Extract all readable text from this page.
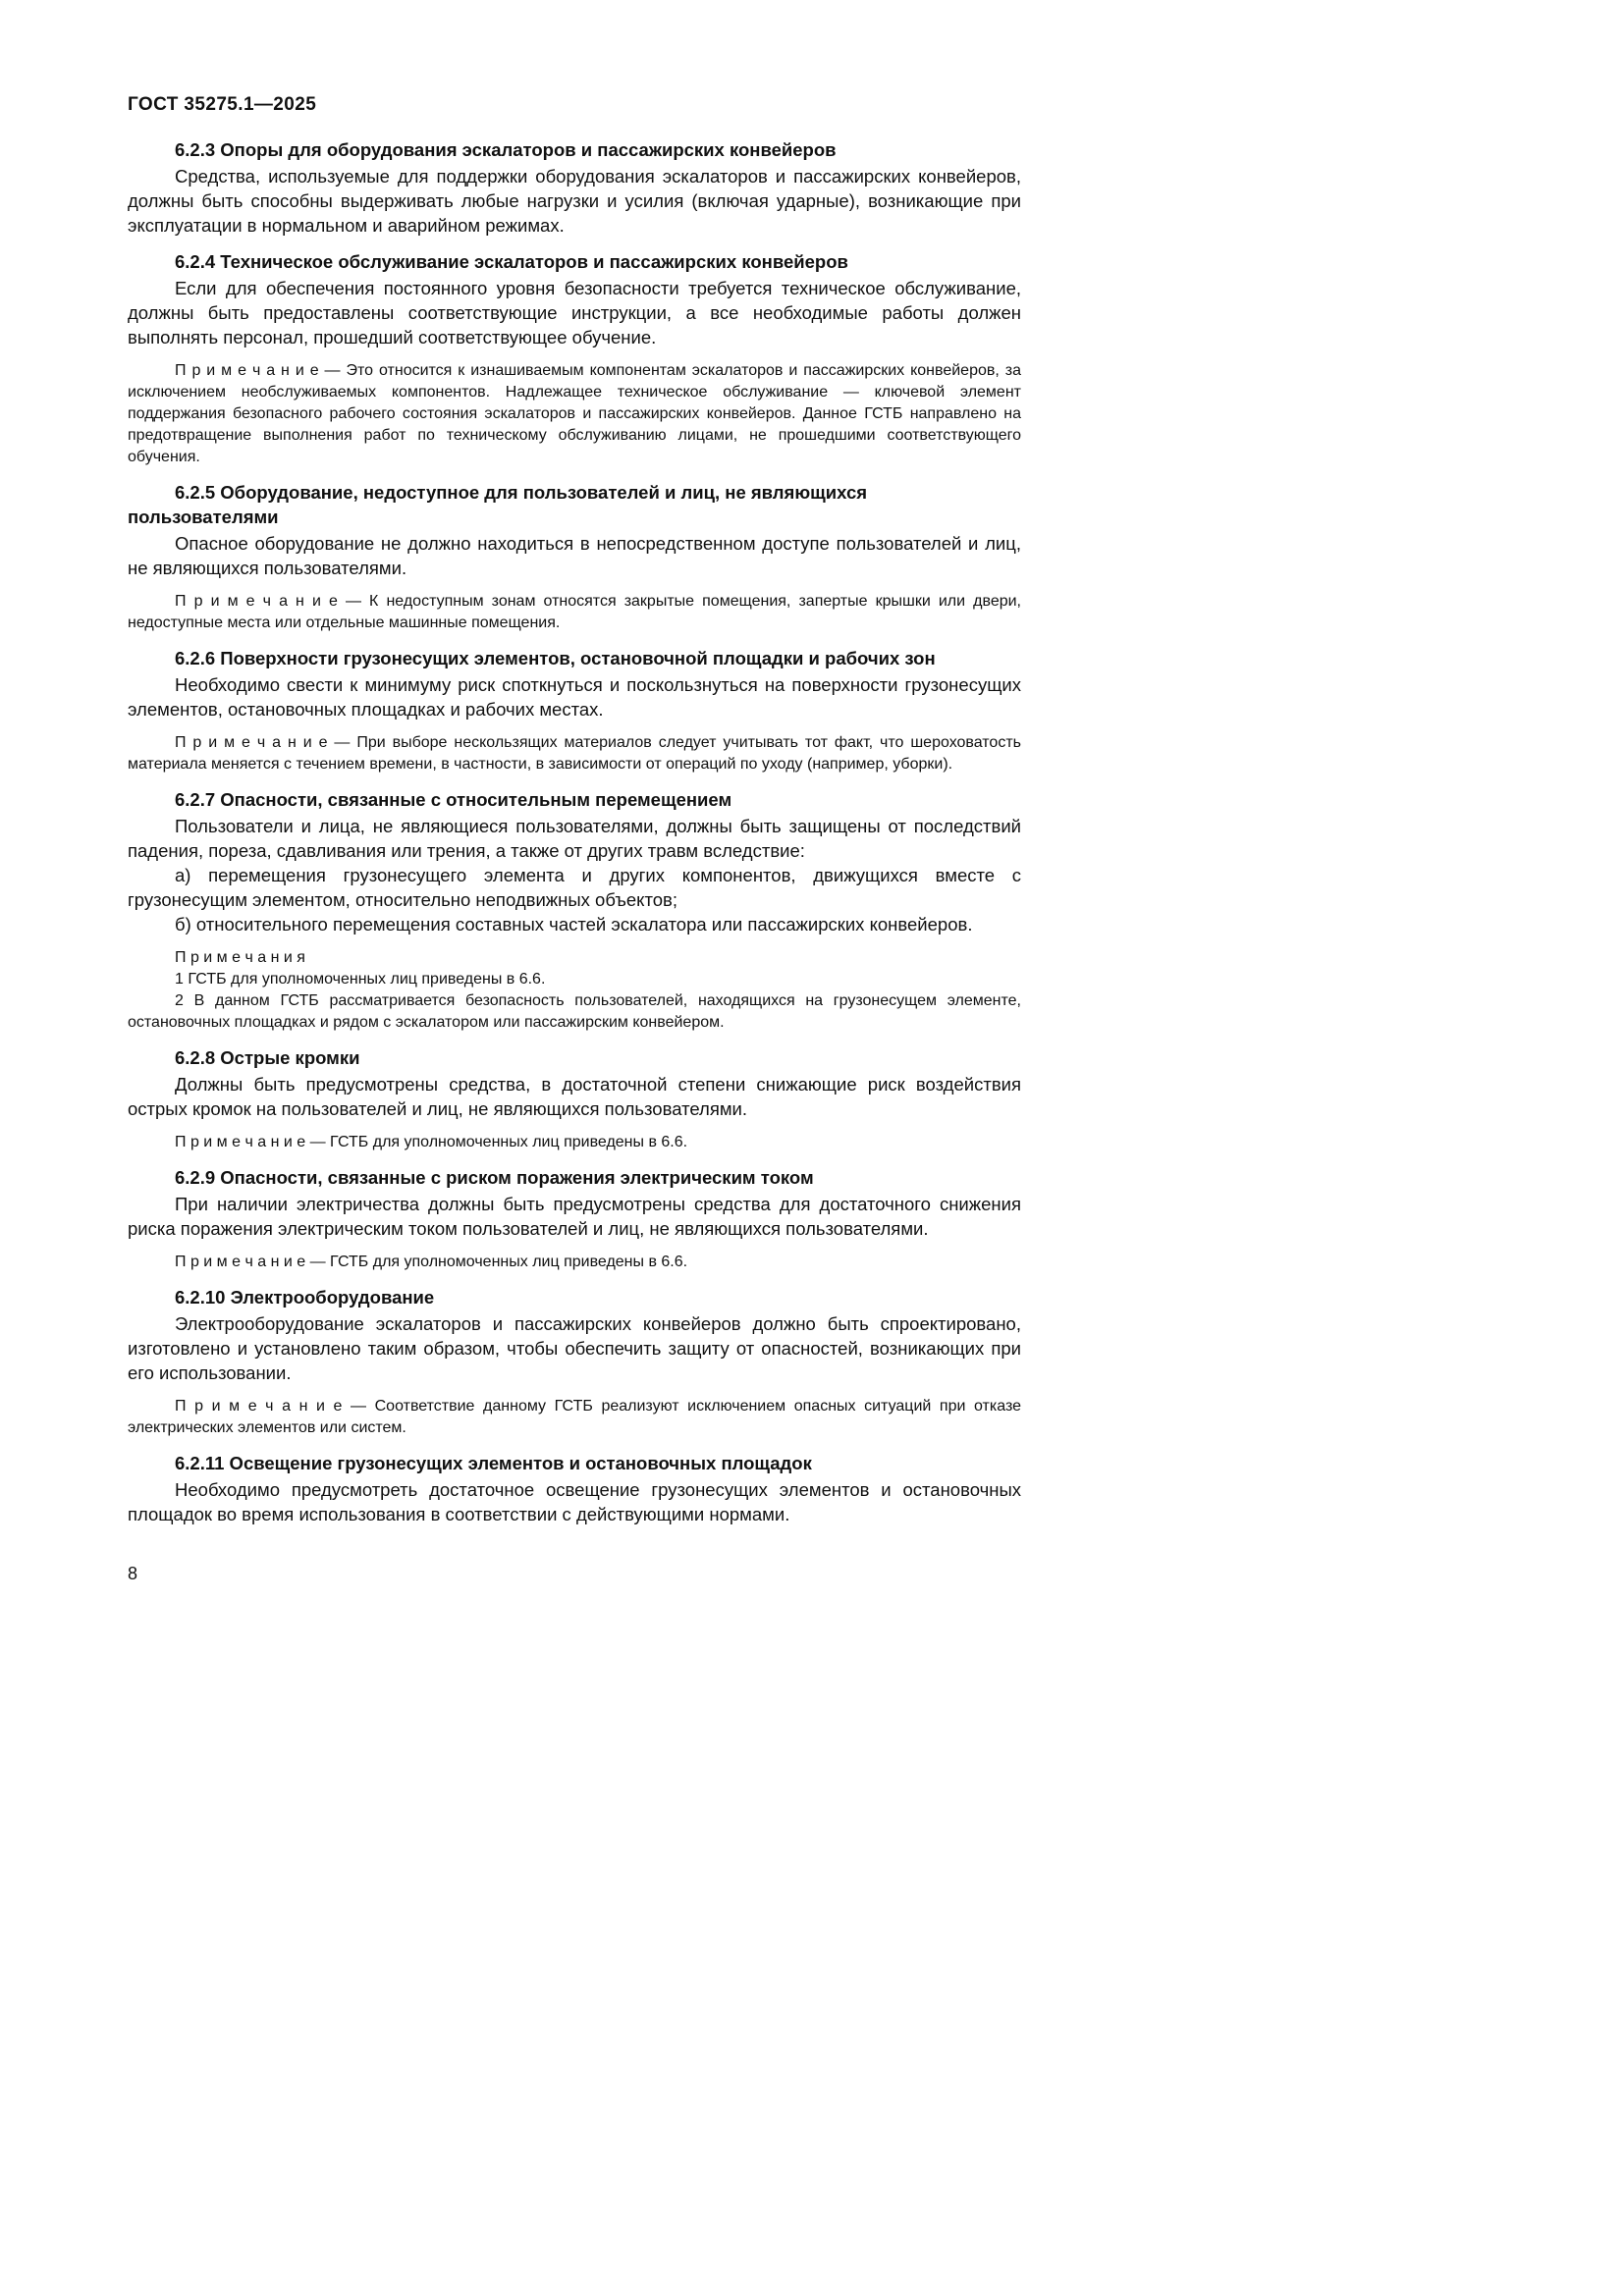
ГОСТ 35275.1—2025
6.2.3 Опоры для оборудования эскалаторов и пассажирских конвейеров

Средства, используемые для поддержки оборудования эскалаторов и пассажирских конвейеров, должны быть способны выдерживать любые нагрузки и усилия (включая ударные), возникающие при эксплуатации в нормальном и аварийном режимах.

6.2.4 Техническое обслуживание эскалаторов и пассажирских конвейеров

Если для обеспечения постоянного уровня безопасности требуется техническое обслуживание, должны быть предоставлены соответствующие инструкции, а все необходимые работы должен выполнять персонал, прошедший соответствующее обучение.

П р и м е ч а н и е — Это относится к изнашиваемым компонентам эскалаторов и пассажирских конвейеров, за исключением необслуживаемых компонентов. Надлежащее техническое обслуживание — ключевой элемент поддержания безопасного рабочего состояния эскалаторов и пассажирских конвейеров. Данное ГСТБ направлено на предотвращение выполнения работ по техническому обслуживанию лицами, не прошедшими соответствующего обучения.

6.2.5 Оборудование, недоступное для пользователей и лиц, не являющихся пользователями

Опасное оборудование не должно находиться в непосредственном доступе пользователей и лиц, не являющихся пользователями.

П р и м е ч а н и е — К недоступным зонам относятся закрытые помещения, запертые крышки или двери, недоступные места или отдельные машинные помещения.

6.2.6 Поверхности грузонесущих элементов, остановочной площадки и рабочих зон

Необходимо свести к минимуму риск споткнуться и поскользнуться на поверхности грузонесущих элементов, остановочных площадках и рабочих местах.

П р и м е ч а н и е — При выборе нескользящих материалов следует учитывать тот факт, что шероховатость материала меняется с течением времени, в частности, в зависимости от операций по уходу (например, уборки).

6.2.7 Опасности, связанные с относительным перемещением

Пользователи и лица, не являющиеся пользователями, должны быть защищены от последствий падения, пореза, сдавливания или трения, а также от других травм вследствие:

а) перемещения грузонесущего элемента и других компонентов, движущихся вместе с грузонесущим элементом, относительно неподвижных объектов;

б) относительного перемещения составных частей эскалатора или пассажирских конвейеров.

П р и м е ч а н и я

1 ГСТБ для уполномоченных лиц приведены в 6.6.

2 В данном ГСТБ рассматривается безопасность пользователей, находящихся на грузонесущем элементе, остановочных площадках и рядом с эскалатором или пассажирским конвейером.

6.2.8 Острые кромки

Должны быть предусмотрены средства, в достаточной степени снижающие риск воздействия острых кромок на пользователей и лиц, не являющихся пользователями.

П р и м е ч а н и е — ГСТБ для уполномоченных лиц приведены в 6.6.

6.2.9 Опасности, связанные с риском поражения электрическим током

При наличии электричества должны быть предусмотрены средства для достаточного снижения риска поражения электрическим током пользователей и лиц, не являющихся пользователями.

П р и м е ч а н и е — ГСТБ для уполномоченных лиц приведены в 6.6.

6.2.10 Электрооборудование

Электрооборудование эскалаторов и пассажирских конвейеров должно быть спроектировано, изготовлено и установлено таким образом, чтобы обеспечить защиту от опасностей, возникающих при его использовании.

П р и м е ч а н и е — Соответствие данному ГСТБ реализуют исключением опасных ситуаций при отказе электрических элементов или систем.

6.2.11 Освещение грузонесущих элементов и остановочных площадок

Необходимо предусмотреть достаточное освещение грузонесущих элементов и остановочных площадок во время использования в соответствии с действующими нормами.

8
